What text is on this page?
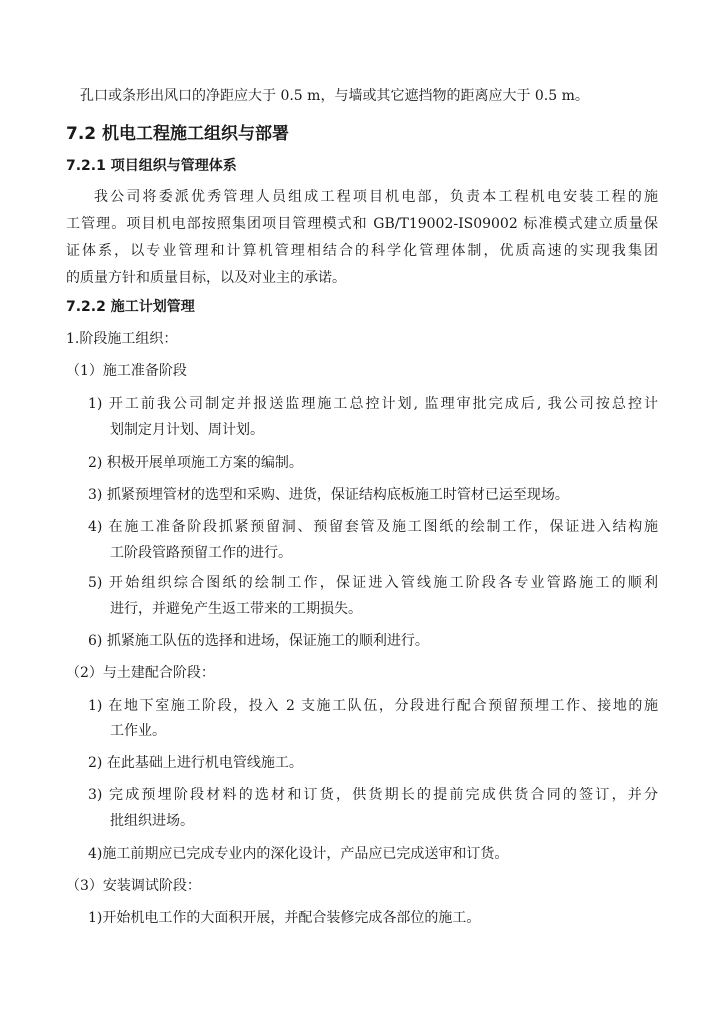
孔口或条形出风口的净距应大于 0.5 m，与墙或其它遮挡物的距离应大于 0.5 m。
7.2 机电工程施工组织与部署
7.2.1 项目组织与管理体系
我公司将委派优秀管理人员组成工程项目机电部，负责本工程机电安装工程的施
工管理。项目机电部按照集团项目管理模式和 GB/T19002-IS09002 标准模式建立质量保
证体系，以专业管理和计算机管理相结合的科学化管理体制，优质高速的实现我集团
的质量方针和质量目标，以及对业主的承诺。
7.2.2 施工计划管理
1.阶段施工组织：
（1）施工准备阶段
1) 开工前我公司制定并报送监理施工总控计划, 监理审批完成后, 我公司按总控计
划制定月计划、周计划。
2) 积极开展单项施工方案的编制。
3) 抓紧预埋管材的选型和采购、进货，保证结构底板施工时管材已运至现场。
4) 在施工准备阶段抓紧预留洞、预留套管及施工图纸的绘制工作，保证进入结构施
工阶段管路预留工作的进行。
5) 开始组织综合图纸的绘制工作，保证进入管线施工阶段各专业管路施工的顺利
进行，并避免产生返工带来的工期损失。
6) 抓紧施工队伍的选择和进场，保证施工的顺利进行。
（2）与土建配合阶段：
1) 在地下室施工阶段，投入 2 支施工队伍，分段进行配合预留预埋工作、接地的施
工作业。
2) 在此基础上进行机电管线施工。
3) 完成预埋阶段材料的选材和订货，供货期长的提前完成供货合同的签订，并分
批组织进场。
4)施工前期应已完成专业内的深化设计，产品应已完成送审和订货。
（3）安装调试阶段：
1)开始机电工作的大面积开展，并配合装修完成各部位的施工。
